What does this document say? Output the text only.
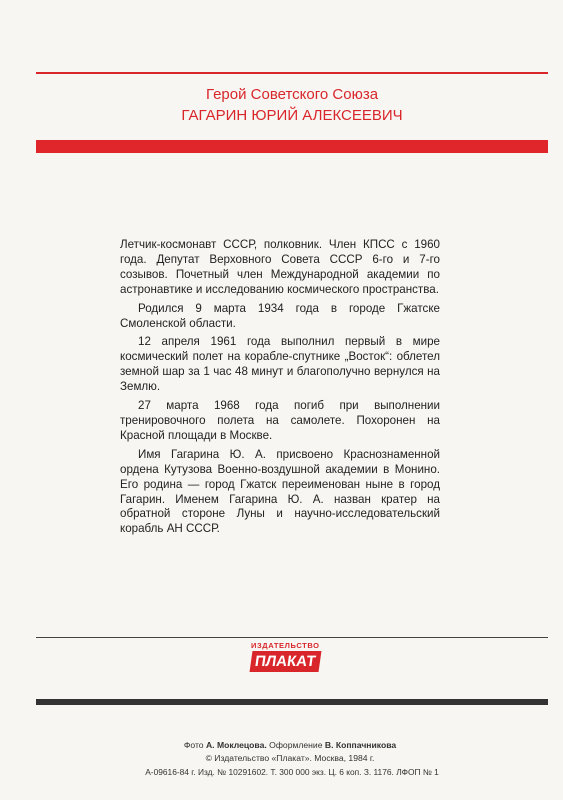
Герой Советского Союза
ГАГАРИН ЮРИЙ АЛЕКСЕЕВИЧ

Летчик-космонавт СССР, полковник. Член КПСС с 1960 года. Депутат Верховного Совета СССР 6-го и 7-го созывов. Почетный член Международной академии по астронавтике и исследованию космического пространства.

Родился 9 марта 1934 года в городе Гжатске Смоленской области.

12 апреля 1961 года выполнил первый в мире космический полет на корабле-спутнике „Восток“: облетел земной шар за 1 час 48 минут и благополучно вернулся на Землю.

27 марта 1968 года погиб при выполнении тренировочного полета на самолете. Похоронен на Красной площади в Москве.

Имя Гагарина Ю. А. присвоено Краснознаменной ордена Кутузова Военно-воздушной академии в Монино. Его родина — город Гжатск переименован ныне в город Гагарин. Именем Гагарина Ю. А. назван кратер на обратной стороне Луны и научно-исследовательский корабль АН СССР.

ИЗДАТЕЛЬСТВО
ПЛАКАТ
Фото А. Моклецова. Оформление В. Коппачникова
© Издательство «Плакат». Москва, 1984 г.
А-09616-84 г. Изд. № 10291602. Т. 300 000 экз. Ц. 6 коп. З. 1176. ЛФОП № 1
